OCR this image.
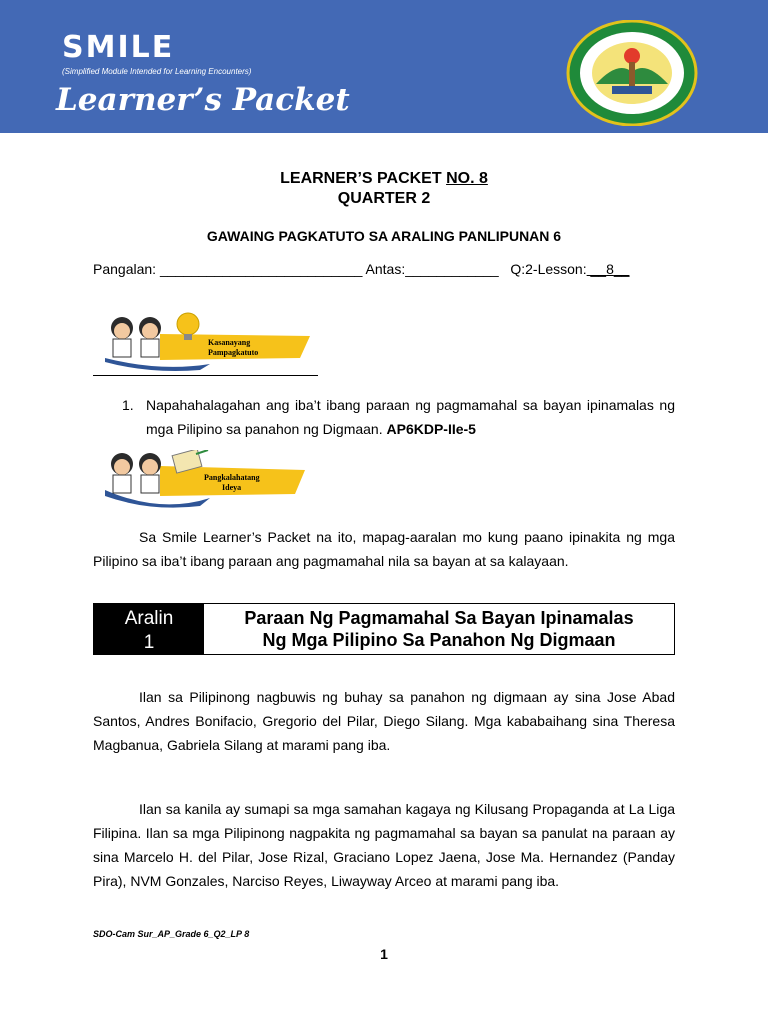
SMILE
(Simplified Module Intended for Learning Encounters)
Learner’s Packet
LEARNER’S PACKET NO. 8
QUARTER 2
GAWAING PAGKATUTO SA ARALING PANLIPUNAN 6
Pangalan: __________________________ Antas:____________ Q:2-Lesson: __8__
Kasanayang
Pampagkatuto
1. Napahahalagahan ang iba’t ibang paraan ng pagmamahal sa bayan ipinamalas ng mga Pilipino sa panahon ng Digmaan. AP6KDP-IIe-5
Pangkalahatang
Ideya
Sa Smile Learner’s Packet na ito, mapag-aaralan mo kung paano ipinakita ng mga Pilipino sa iba’t ibang paraan ang pagmamahal nila sa bayan at sa kalayaan.
Aralin
1
Paraan Ng Pagmamahal Sa Bayan Ipinamalas
Ng Mga Pilipino Sa Panahon Ng Digmaan
Ilan sa Pilipinong nagbuwis ng buhay sa panahon ng digmaan ay sina Jose Abad Santos, Andres Bonifacio, Gregorio del Pilar, Diego Silang. Mga kababaihang sina Theresa Magbanua, Gabriela Silang at marami pang iba.
Ilan sa kanila ay sumapi sa mga samahan kagaya ng Kilusang Propaganda at La Liga Filipina. Ilan sa mga Pilipinong nagpakita ng pagmamahal sa bayan sa panulat na paraan ay sina Marcelo H. del Pilar, Jose Rizal, Graciano Lopez Jaena, Jose Ma. Hernandez (Panday Pira), NVM Gonzales, Narciso Reyes, Liwayway Arceo at marami pang iba.
SDO-Cam Sur_AP_Grade 6_Q2_LP 8
1
